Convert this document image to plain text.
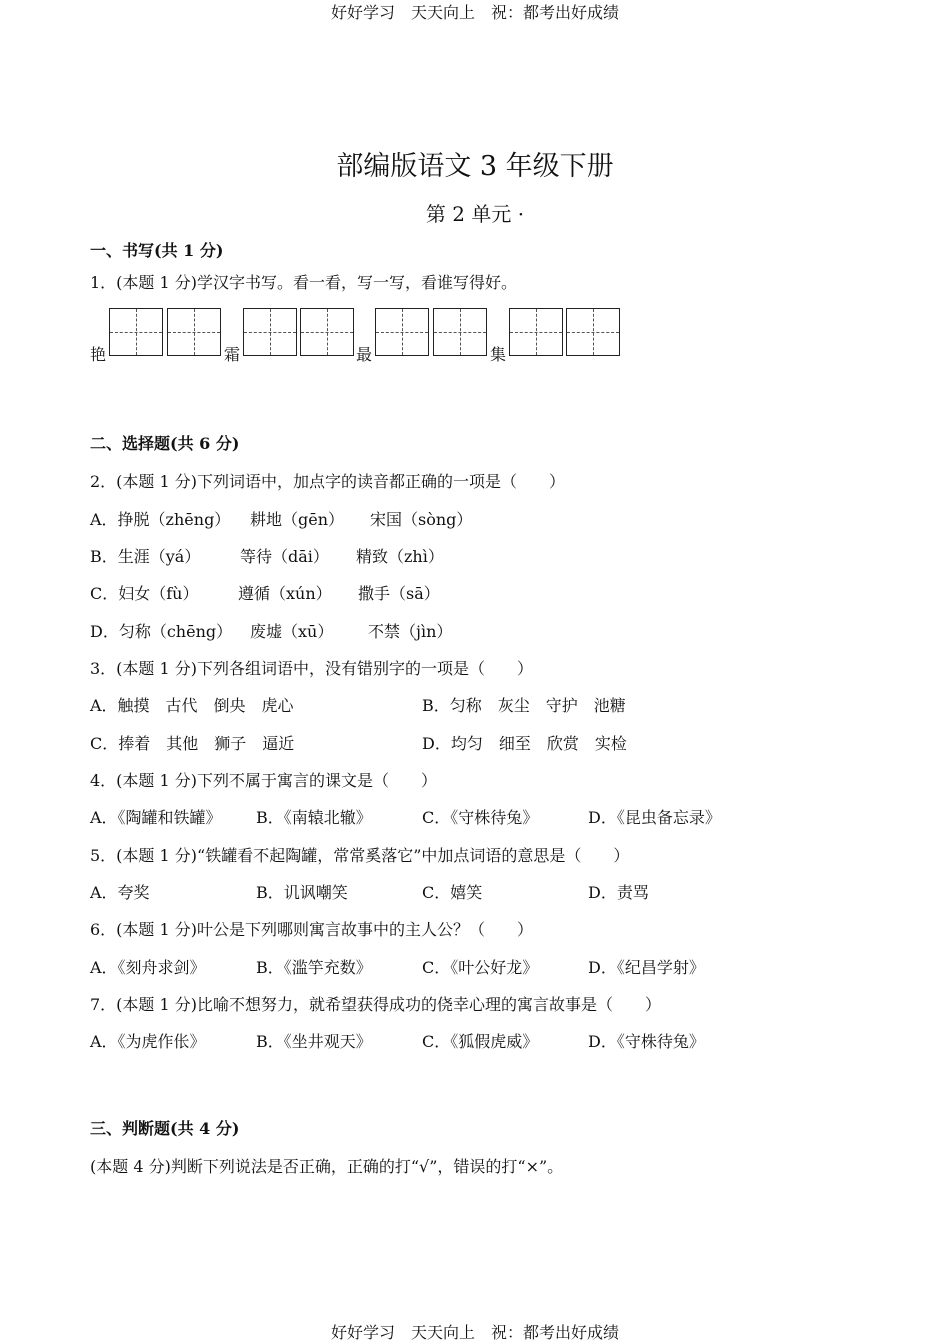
好好学习　天天向上　祝：都考出好成绩
部编版语文 3 年级下册
第 2 单元 ·
一、书写(共 1 分)
1．(本题 1 分)学汉字书写。看一看，写一写，看谁写得好。
艳	霜	最	集
二、选择题(共 6 分)
2．(本题 1 分)下列词语中，加点字的读音都正确的一项是（　　）
A．挣脱（zhēng） 耕地（gēn） 宋国（sòng）
B．生涯（yá） 等待（dāi） 精致（zhì）
C．妇女（fù） 遵循（xún） 撒手（sā）
D．匀称（chēng） 废墟（xū） 不禁（jìn）
3．(本题 1 分)下列各组词语中，没有错别字的一项是（　　）
A．触摸　古代　倒央　虎心	B．匀称　灰尘　守护　池糖
C．捧着　其他　狮子　逼近	D．均匀　细至　欣赏　实检
4．(本题 1 分)下列不属于寓言的课文是（　　）
A．《陶罐和铁罐》 B．《南辕北辙》	C．《守株待兔》	D．《昆虫备忘录》
5．(本题 1 分)“铁罐看不起陶罐，常常奚落它”中加点词语的意思是（　　）
A．夸奖	B．讥讽嘲笑	C．嬉笑	D．责骂
6．(本题 1 分)叶公是下列哪则寓言故事中的主人公？（　　）
A．《刻舟求剑》	B．《滥竽充数》	C．《叶公好龙》	D．《纪昌学射》
7．(本题 1 分)比喻不想努力，就希望获得成功的侥幸心理的寓言故事是（　　）
A．《为虎作伥》	B．《坐井观天》	C．《狐假虎威》	D．《守株待兔》
三、判断题(共 4 分)
(本题 4 分)判断下列说法是否正确，正确的打“√”，错误的打“×”。
好好学习　天天向上　祝：都考出好成绩
